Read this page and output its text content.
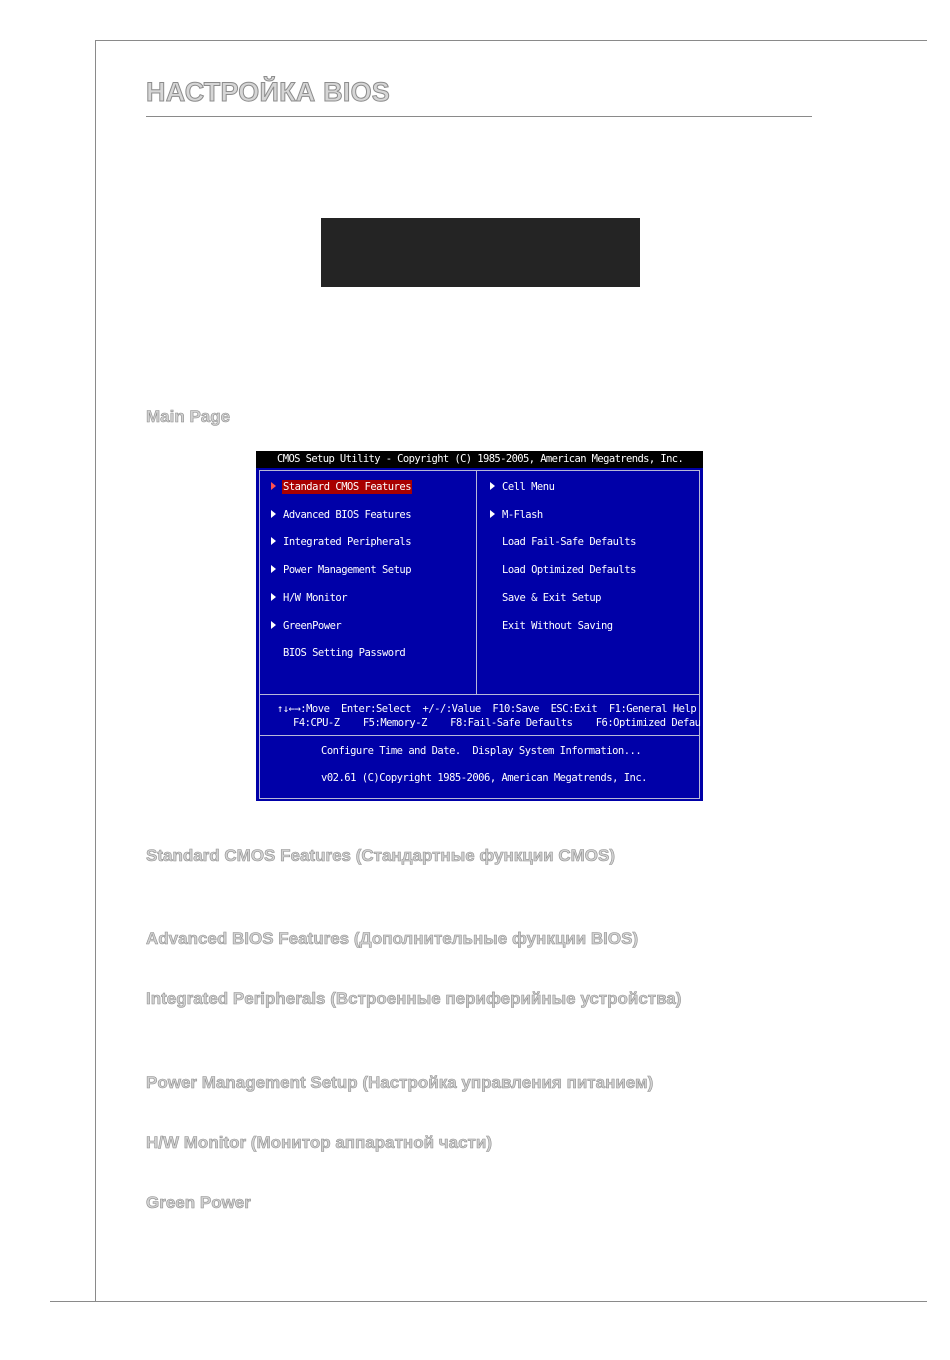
НАСТРОЙКА BIOS
Main Page
CMOS Setup Utility - Copyright (C) 1985-2005, American Megatrends, Inc.
Standard CMOS Features
Advanced BIOS Features
Integrated Peripherals
Power Management Setup
H/W Monitor
GreenPower
BIOS Setting Password
Cell Menu
M-Flash
Load Fail-Safe Defaults
Load Optimized Defaults
Save & Exit Setup
Exit Without Saving
↑↓←→:Move  Enter:Select  +/-/:Value  F10:Save  ESC:Exit  F1:General Help
F4:CPU-Z    F5:Memory-Z    F8:Fail-Safe Defaults    F6:Optimized Defau
Configure Time and Date.  Display System Information...
v02.61 (C)Copyright 1985-2006, American Megatrends, Inc.
Standard CMOS Features (Стандартные функции CMOS)
Advanced BIOS Features (Дополнительные функции BIOS)
Integrated Peripherals (Встроенные периферийные устройства)
Power Management Setup (Настройка управления питанием)
H/W Monitor (Монитор аппаратной части)
Green Power
